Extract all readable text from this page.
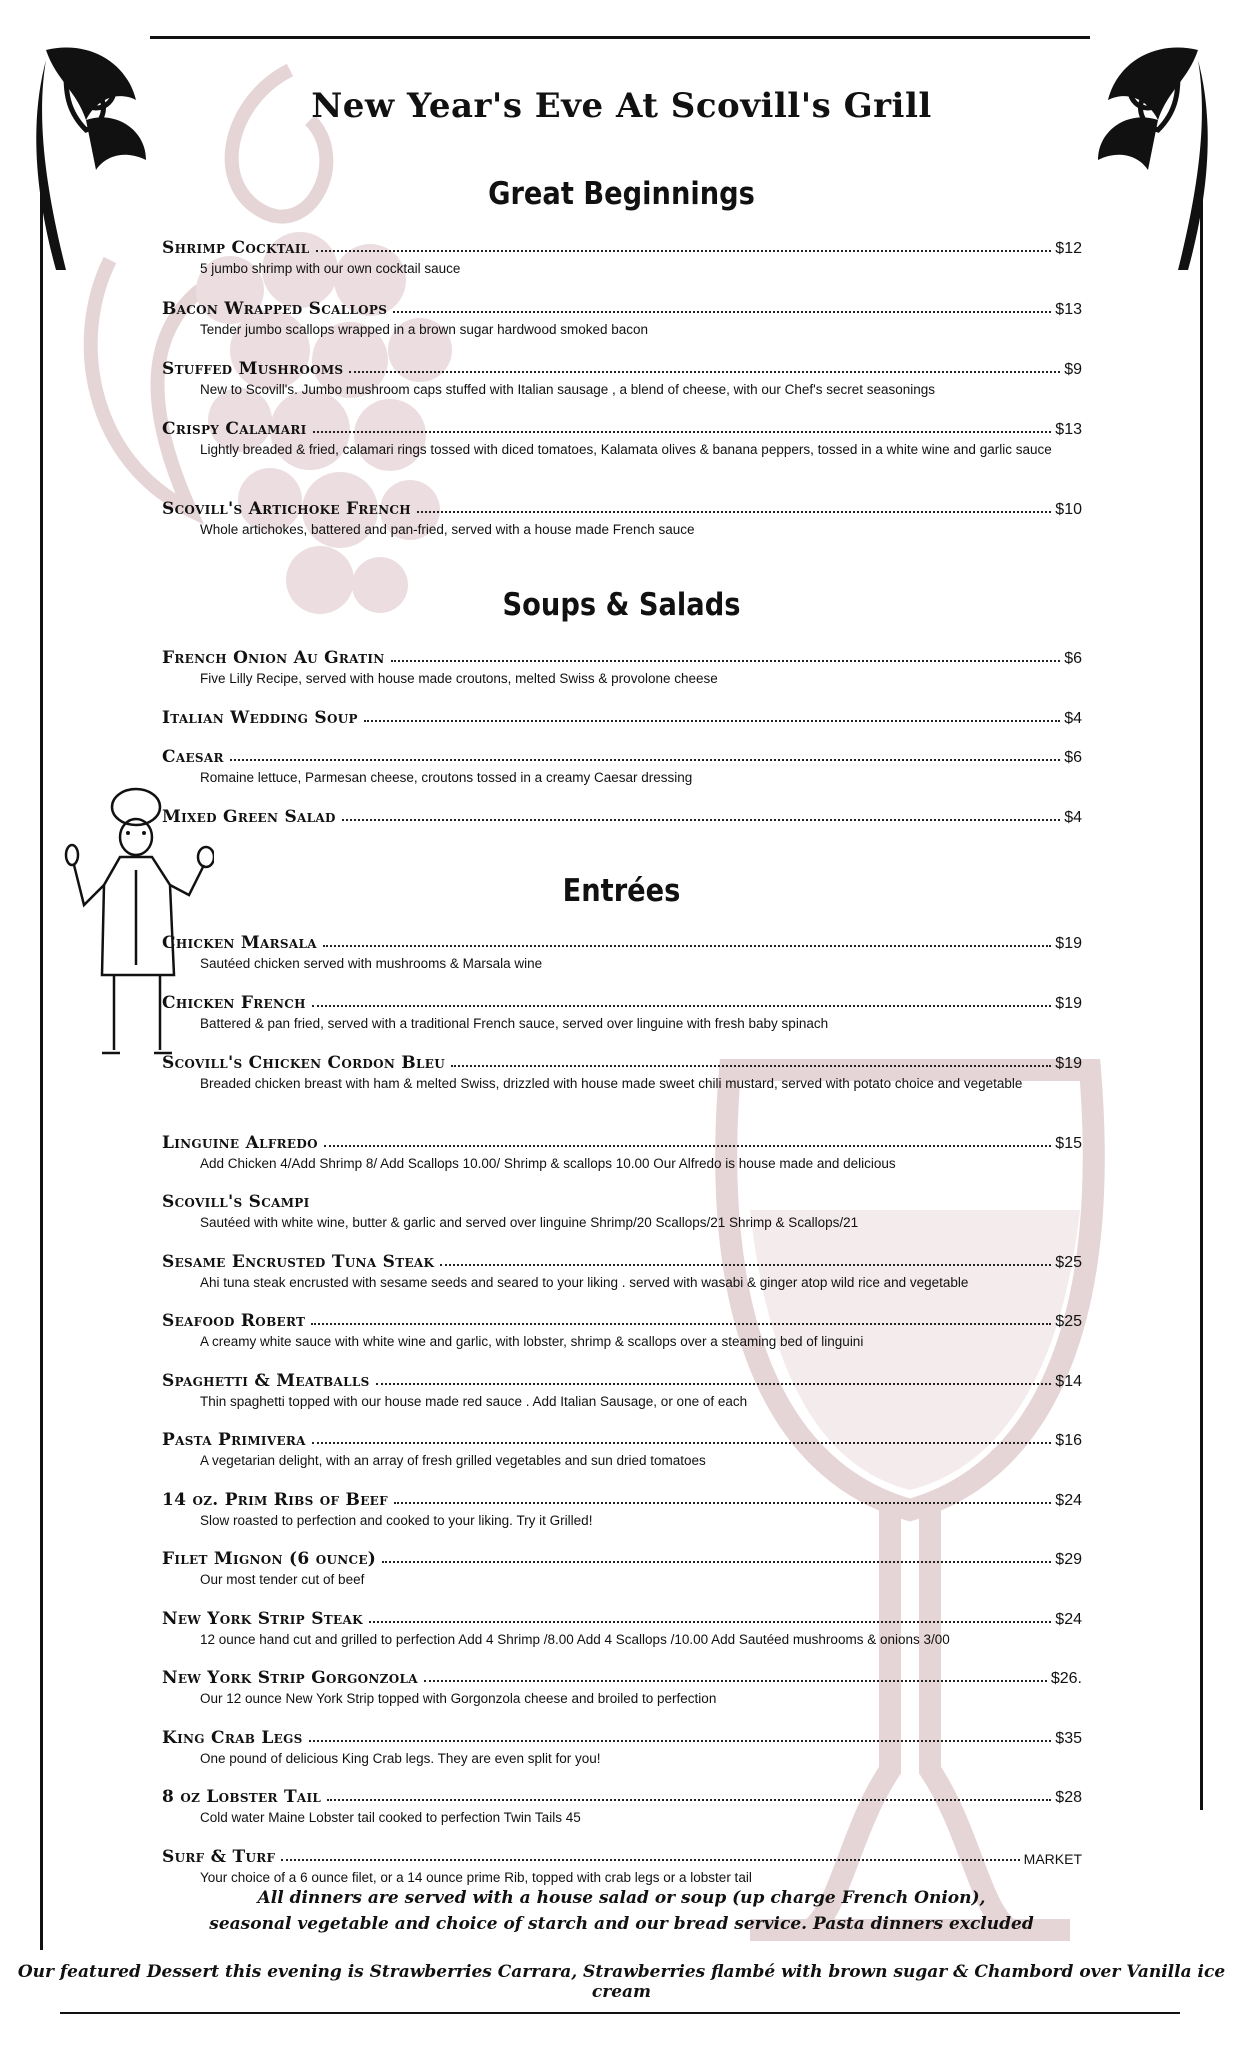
New Year's Eve At Scovill's Grill
Great Beginnings
Shrimp Cocktail	$12
5 jumbo shrimp with our own cocktail sauce
Bacon Wrapped Scallops	$13
Tender jumbo scallops wrapped in a brown sugar hardwood smoked bacon
Stuffed Mushrooms	$9
New to Scovill's. Jumbo mushroom caps stuffed with Italian sausage , a blend of cheese, with our Chef's secret seasonings
Crispy Calamari	$13
Lightly breaded & fried, calamari rings tossed with diced tomatoes, Kalamata olives & banana peppers, tossed in a white wine and garlic sauce
Scovill's Artichoke French	$10
Whole artichokes, battered and pan-fried, served with a house made French sauce
Soups & Salads
French Onion Au Gratin	$6
Five Lilly Recipe, served with house made croutons, melted Swiss & provolone cheese
Italian Wedding Soup	$4
Caesar	$6
Romaine lettuce, Parmesan cheese, croutons tossed in a creamy Caesar dressing
Mixed Green Salad	$4
Entrées
Chicken Marsala	$19
Sautéed chicken served with mushrooms & Marsala wine
Chicken French	$19
Battered & pan fried, served with a traditional French sauce, served over linguine with fresh baby spinach
Scovill's Chicken Cordon Bleu	$19
Breaded chicken breast with ham & melted Swiss, drizzled with house made sweet chili mustard, served with potato choice and vegetable
Linguine Alfredo	$15
Add Chicken 4/Add Shrimp 8/ Add Scallops 10.00/ Shrimp & scallops 10.00 Our Alfredo is house made and delicious
Scovill's Scampi
Sautéed with white wine, butter & garlic and served over linguine Shrimp/20 Scallops/21 Shrimp & Scallops/21
Sesame Encrusted Tuna Steak	$25
Ahi tuna steak encrusted with sesame seeds and seared to your liking . served with wasabi & ginger atop wild rice and vegetable
Seafood Robert	$25
A creamy white sauce with white wine and garlic, with lobster, shrimp & scallops over a steaming bed of linguini
Spaghetti & Meatballs	$14
Thin spaghetti topped with our house made red sauce . Add Italian Sausage, or one of each
Pasta Primivera	$16
A vegetarian delight, with an array of fresh grilled vegetables and sun dried tomatoes
14 oz. Prim Ribs of Beef	$24
Slow roasted to perfection and cooked to your liking. Try it Grilled!
Filet Mignon (6 ounce)	$29
Our most tender cut of beef
New York Strip Steak	$24
12 ounce hand cut and grilled to perfection Add 4 Shrimp /8.00 Add 4 Scallops /10.00 Add Sautéed mushrooms & onions 3/00
New York Strip Gorgonzola	$26.
Our 12 ounce New York Strip topped with Gorgonzola cheese and broiled to perfection
King Crab Legs	$35
One pound of delicious King Crab legs. They are even split for you!
8 oz Lobster Tail	$28
Cold water Maine Lobster tail cooked to perfection Twin Tails 45
Surf & Turf	MARKET
Your choice of a 6 ounce filet, or a 14 ounce prime Rib, topped with crab legs or a lobster tail
All dinners are served with a house salad or soup (up charge French Onion),
seasonal vegetable and choice of starch and our bread service. Pasta dinners excluded
Our featured Dessert this evening is Strawberries Carrara, Strawberries flambé with brown sugar & Chambord over Vanilla ice cream
